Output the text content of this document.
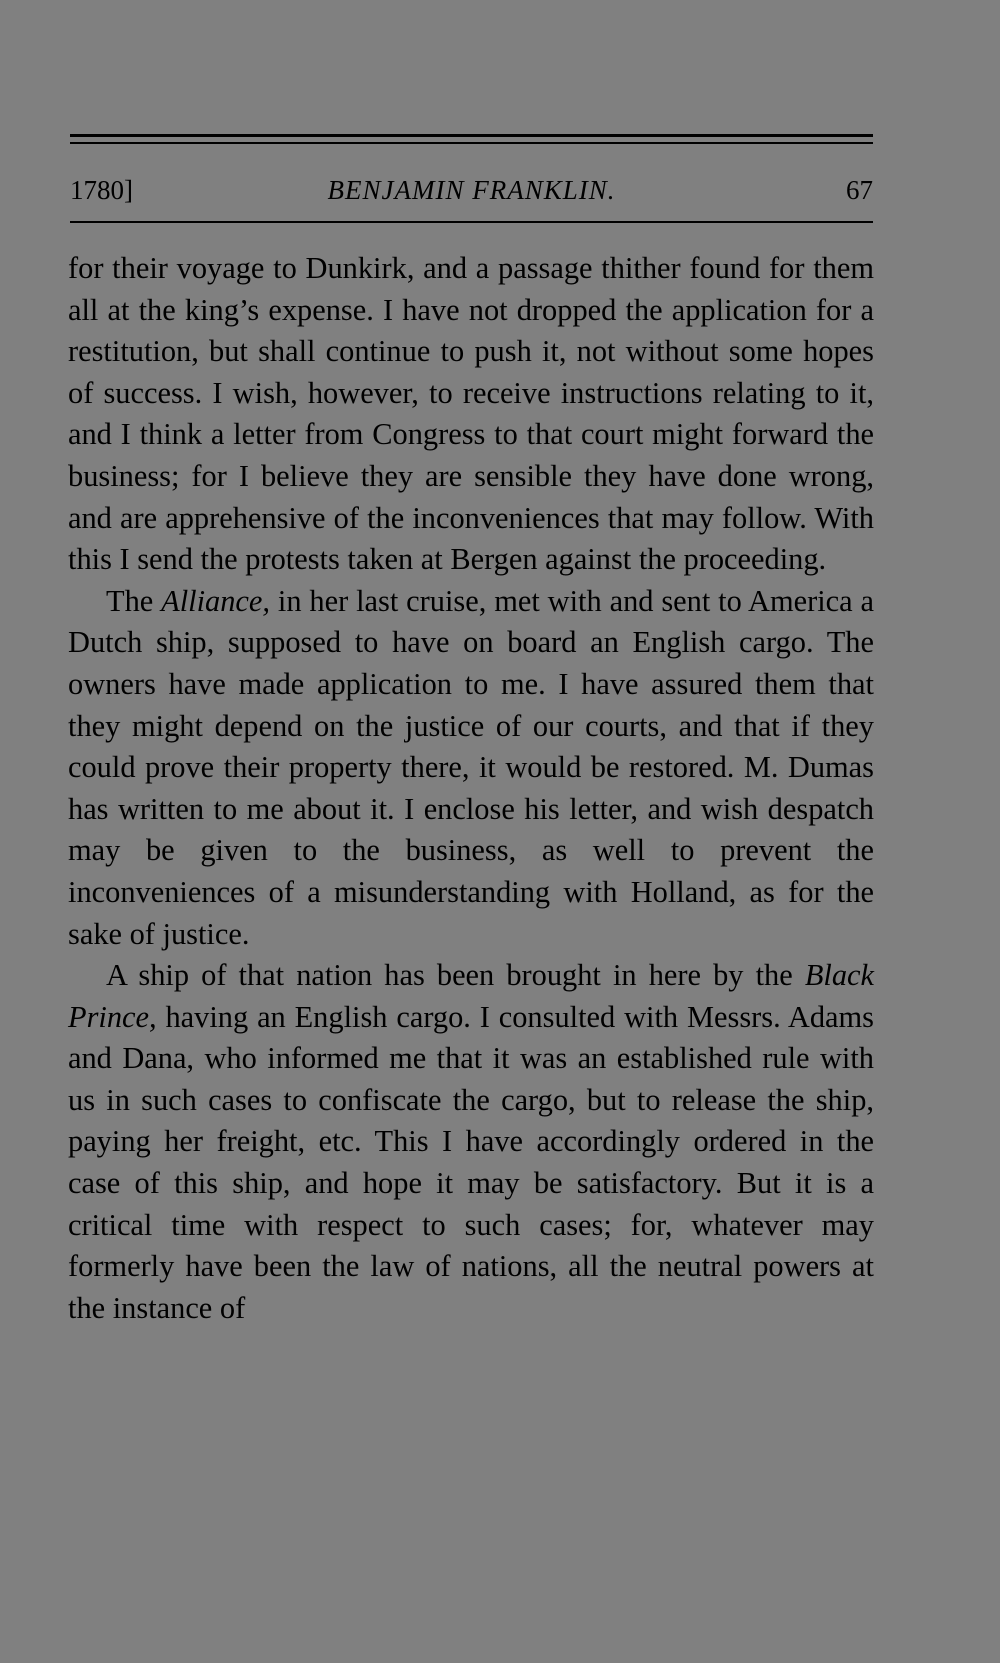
1780]	BENJAMIN FRANKLIN.	67

for their voyage to Dunkirk, and a passage thither found for them all at the king’s expense. I have not dropped the application for a restitution, but shall continue to push it, not without some hopes of success. I wish, however, to receive instructions relating to it, and I think a letter from Congress to that court might forward the business; for I believe they are sensible they have done wrong, and are apprehensive of the inconveniences that may follow. With this I send the protests taken at Bergen against the proceeding.

The Alliance, in her last cruise, met with and sent to America a Dutch ship, supposed to have on board an English cargo. The owners have made application to me. I have assured them that they might depend on the justice of our courts, and that if they could prove their property there, it would be restored. M. Dumas has written to me about it. I enclose his letter, and wish despatch may be given to the business, as well to prevent the inconveniences of a misunderstanding with Holland, as for the sake of justice.

A ship of that nation has been brought in here by the Black Prince, having an English cargo. I consulted with Messrs. Adams and Dana, who informed me that it was an established rule with us in such cases to confiscate the cargo, but to release the ship, paying her freight, etc. This I have accordingly ordered in the case of this ship, and hope it may be satisfactory. But it is a critical time with respect to such cases; for, whatever may formerly have been the law of nations, all the neutral powers at the instance of
